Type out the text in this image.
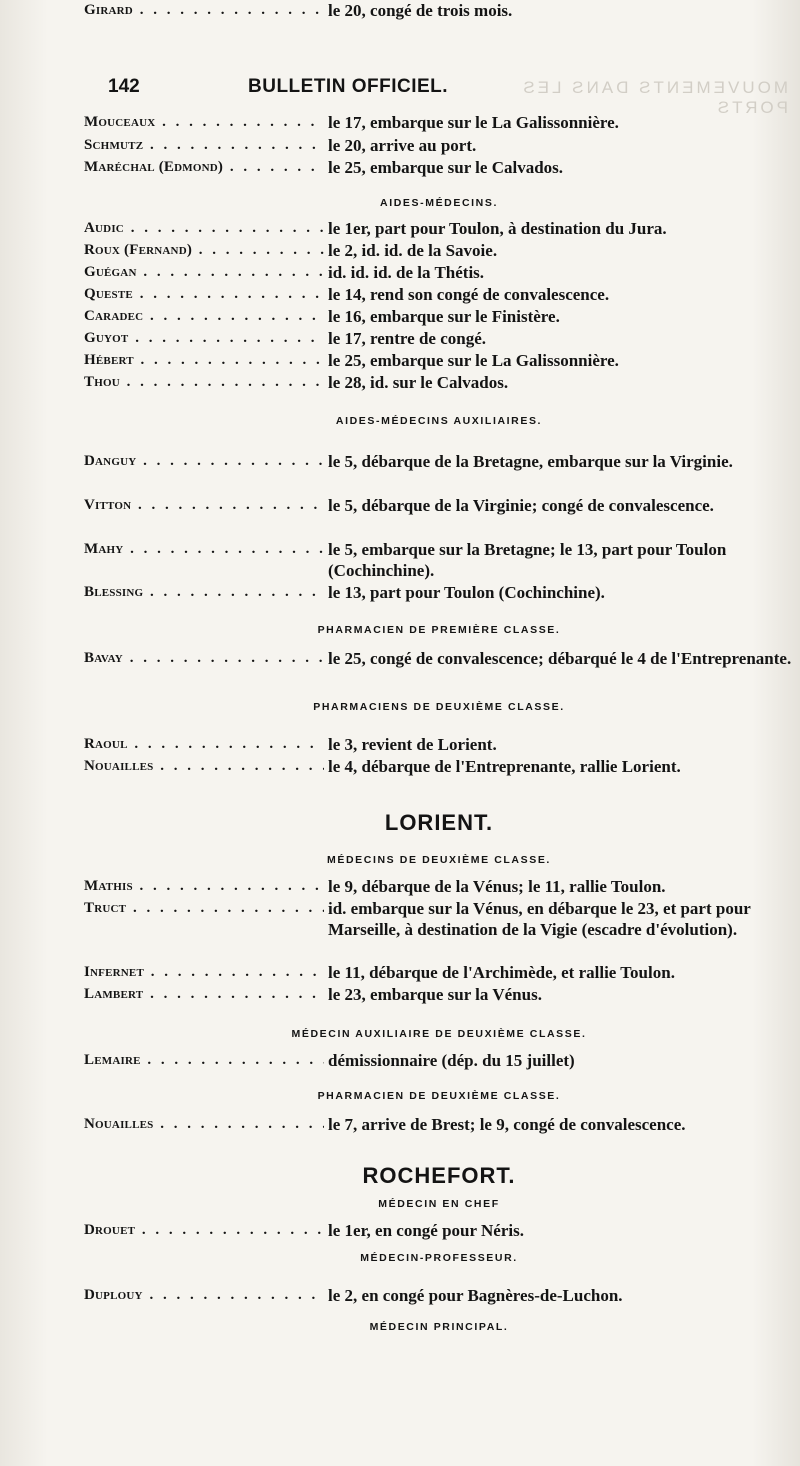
MOUVEMENTS DANS LES PORTS
142	BULLETIN OFFICIEL.
Mouceaux . . .	le 17, embarque sur le La Galissonnière.
Schmutz . . .	le 20, arrive au port.
Maréchal (Edmond) . . .	le 25, embarque sur le Calvados.
AIDES-MÉDECINS.
Audic . . .	le 1er, part pour Toulon, à destination du Jura.
Roux (Fernand) . . .	le 2, id. id. de la Savoie.
Guégan . . .	id. id. id. de la Thétis.
Queste . . .	le 14, rend son congé de convalescence.
Caradec . . .	le 16, embarque sur le Finistère.
Guyot . . .	le 17, rentre de congé.
Hébert . . .	le 25, embarque sur le La Galissonnière.
Thou . . .	le 28, id. sur le Calvados.
AIDES-MÉDECINS AUXILIAIRES.
Danguy . . .	le 5, débarque de la Bretagne, embarque sur la Virginie.
Vitton . . .	le 5, débarque de la Virginie; congé de convalescence.
Mahy . . .	le 5, embarque sur la Bretagne; le 13, part pour Toulon (Cochinchine).
Blessing . . .	le 13, part pour Toulon (Cochinchine).
PHARMACIEN DE PREMIÈRE CLASSE.
Bavay . . .	le 25, congé de convalescence; débarqué le 4 de l'Entreprenante.
PHARMACIENS DE DEUXIÈME CLASSE.
Raoul . . .	le 3, revient de Lorient.
Nouailles . . .	le 4, débarque de l'Entreprenante, rallie Lorient.
LORIENT.
MÉDECINS DE DEUXIÈME CLASSE.
Mathis . . .	le 9, débarque de la Vénus; le 11, rallie Toulon.
Truct . . .	id. embarque sur la Vénus, en débarque le 23, et part pour Marseille, à destination de la Vigie (escadre d'évolution).
Infernet . . .	le 11, débarque de l'Archimède, et rallie Toulon.
Lambert . . .	le 23, embarque sur la Vénus.
MÉDECIN AUXILIAIRE DE DEUXIÈME CLASSE.
Lemaire . . .	démissionnaire (dép. du 15 juillet)
PHARMACIEN DE DEUXIÈME CLASSE.
Nouailles . . .	le 7, arrive de Brest; le 9, congé de convalescence.
ROCHEFORT.
MÉDECIN EN CHEF
Drouet . . .	le 1er, en congé pour Néris.
MÉDECIN-PROFESSEUR.
Duplouy . . .	le 2, en congé pour Bagnères-de-Luchon.
MÉDECIN PRINCIPAL.
Girard . . .	le 20, congé de trois mois.
